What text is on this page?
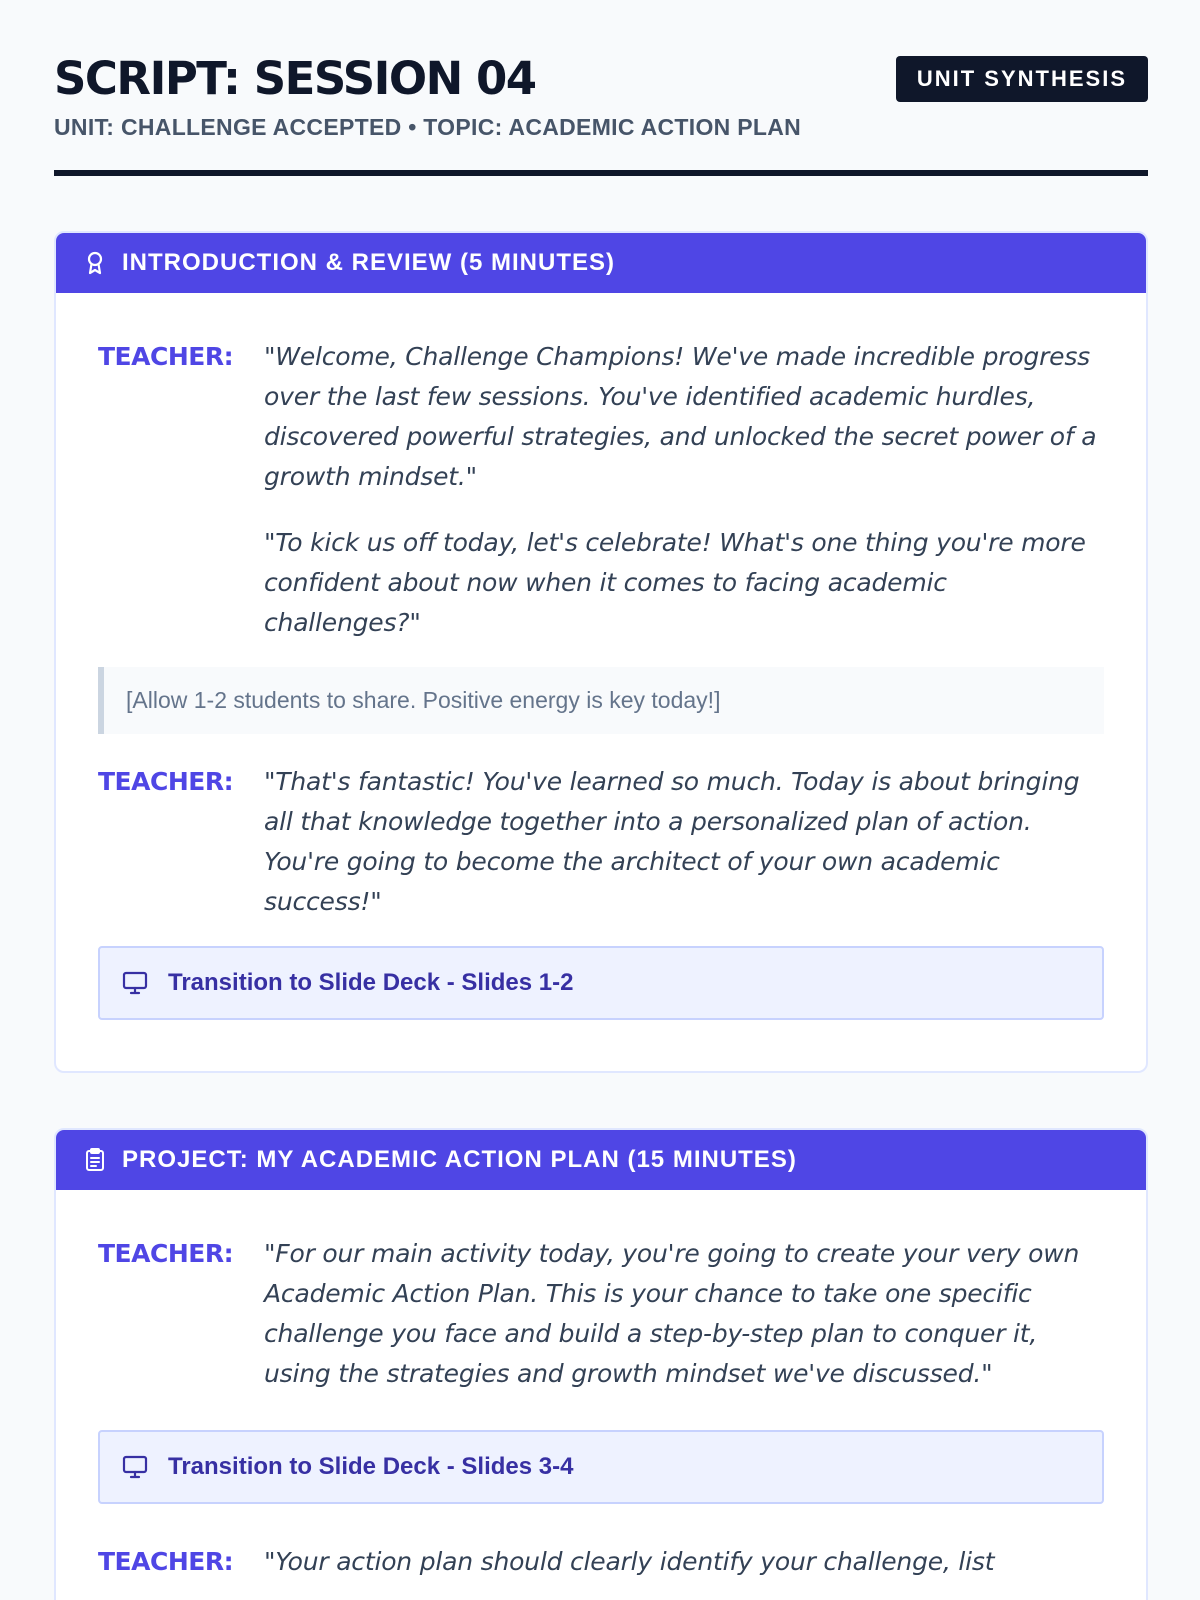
SCRIPT: SESSION 04
UNIT: CHALLENGE ACCEPTED • TOPIC: ACADEMIC ACTION PLAN
UNIT SYNTHESIS
INTRODUCTION & REVIEW (5 MINUTES)
TEACHER:	"Welcome, Challenge Champions! We've made incredible progress over the last few sessions. You've identified academic hurdles, discovered powerful strategies, and unlocked the secret power of a growth mindset."

"To kick us off today, let's celebrate! What's one thing you're more confident about now when it comes to facing academic challenges?"

[Allow 1-2 students to share. Positive energy is key today!]
TEACHER:	"That's fantastic! You've learned so much. Today is about bringing all that knowledge together into a personalized plan of action. You're going to become the architect of your own academic success!"

Transition to Slide Deck - Slides 1-2
PROJECT: MY ACADEMIC ACTION PLAN (15 MINUTES)
TEACHER:	"For our main activity today, you're going to create your very own Academic Action Plan. This is your chance to take one specific challenge you face and build a step-by-step plan to conquer it, using the strategies and growth mindset we've discussed."

Transition to Slide Deck - Slides 3-4
TEACHER:	"Your action plan should clearly identify your challenge, list
